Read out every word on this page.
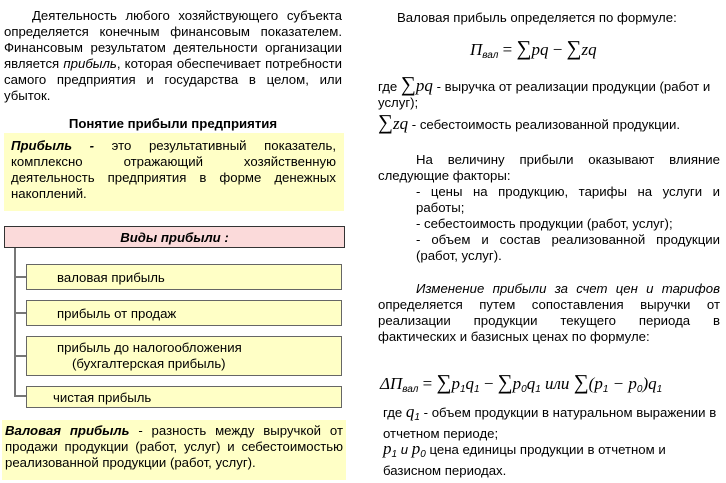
Деятельность любого хозяйствующего субъекта определяется конечным финансовым показателем. Финансовым результатом деятельности организации является прибыль, которая обеспечивает потребности самого предприятия и государства в целом, или убыток.

Понятие прибыли предприятия

Прибыль - это результативный показатель, комплексно отражающий хозяйственную деятельность предприятия в форме денежных накоплений.

Виды прибыли :
валовая прибыль
прибыль от продаж
прибыль до налогообложения
(бухгалтерская прибыль)
чистая прибыль

Валовая прибыль - разность между выручкой от продажи продукции (работ, услуг) и себестоимостью реализованной продукции (работ, услуг).

Валовая прибыль определяется по формуле:
$П_{вал} = \sum pq - \sum zq$

где ∑pq - выручка от реализации продукции (работ и услуг);

∑zq - себестоимость реализованной продукции.

На величину прибыли оказывают влияние следующие факторы:

- цены на продукцию, тарифы на услуги и работы;

- себестоимость продукции (работ, услуг);

- объем и состав реализованной продукции (работ, услуг).

Изменение прибыли за счет цен и тарифов определяется путем сопоставления выручки от реализации продукции текущего периода в фактических и базисных ценах по формуле:

$\Delta П_{вал} = \sum p_1q_1 - \sum p_0q_1$ или $\sum(p_1 - p_0)q_1$

где $q_1$ - объем продукции в натуральном выражении в отчетном периоде;

$p_1$ и $p_0$ цена единицы продукции в отчетном и базисном периодах.
